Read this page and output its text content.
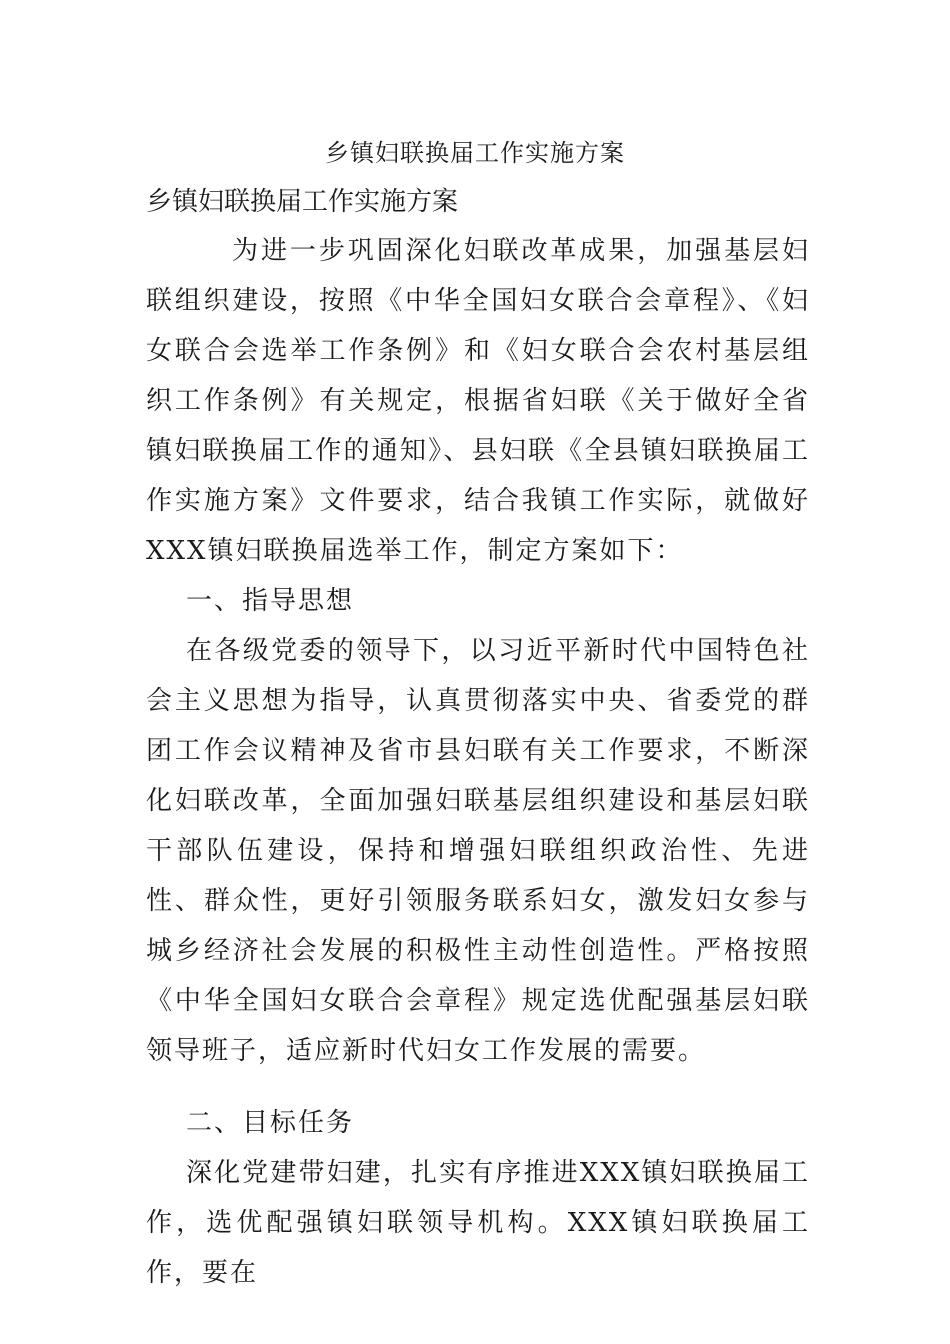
乡镇妇联换届工作实施方案

乡镇妇联换届工作实施方案

为进一步巩固深化妇联改革成果，加强基层妇联组织建设，按照《中华全国妇女联合会章程》、《妇女联合会选举工作条例》和《妇女联合会农村基层组织工作条例》有关规定，根据省妇联《关于做好全省镇妇联换届工作的通知》、县妇联《全县镇妇联换届工作实施方案》文件要求，结合我镇工作实际，就做好XXX镇妇联换届选举工作，制定方案如下：

一、指导思想

在各级党委的领导下，以习近平新时代中国特色社会主义思想为指导，认真贯彻落实中央、省委党的群团工作会议精神及省市县妇联有关工作要求，不断深化妇联改革，全面加强妇联基层组织建设和基层妇联干部队伍建设，保持和增强妇联组织政治性、先进性、群众性，更好引领服务联系妇女，激发妇女参与城乡经济社会发展的积极性主动性创造性。严格按照《中华全国妇女联合会章程》规定选优配强基层妇联领导班子，适应新时代妇女工作发展的需要。

二、目标任务

深化党建带妇建，扎实有序推进XXX镇妇联换届工作，选优配强镇妇联领导机构。XXX镇妇联换届工作，要在
